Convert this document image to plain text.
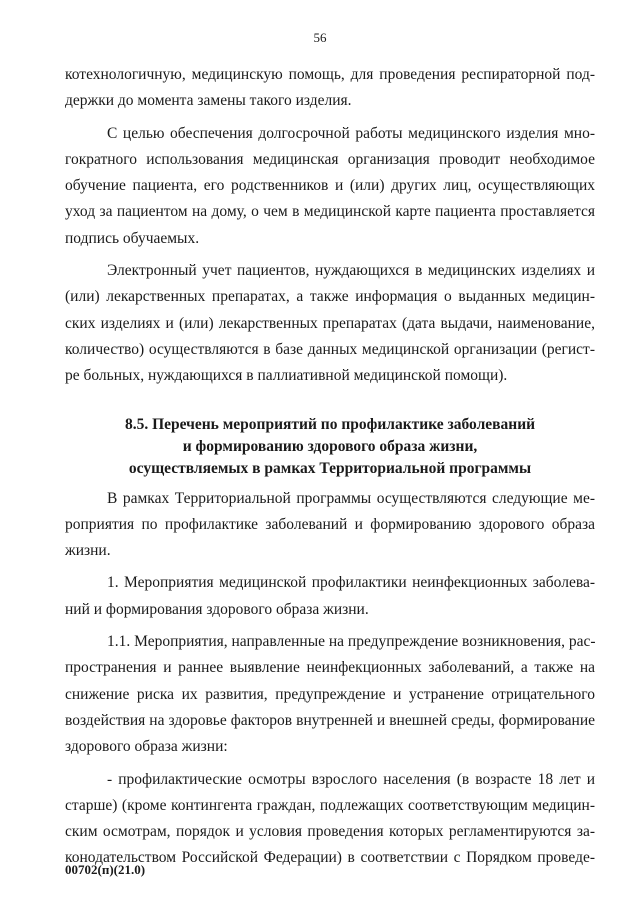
56
котехнологичную, медицинскую помощь, для проведения респираторной под-
держки до момента замены такого изделия.
С целью обеспечения долгосрочной работы медицинского изделия мно-
гократного использования медицинская организация проводит необходимое
обучение пациента, его родственников и (или) других лиц, осуществляющих
уход за пациентом на дому, о чем в медицинской карте пациента проставляется
подпись обучаемых.
Электронный учет пациентов, нуждающихся в медицинских изделиях и
(или) лекарственных препаратах, а также информация о выданных медицин-
ских изделиях и (или) лекарственных препаратах (дата выдачи, наименование,
количество) осуществляются в базе данных медицинской организации (регист-
ре больных, нуждающихся в паллиативной медицинской помощи).
8.5. Перечень мероприятий по профилактике заболеваний
и формированию здорового образа жизни,
осуществляемых в рамках Территориальной программы
В рамках Территориальной программы осуществляются следующие ме-
роприятия по профилактике заболеваний и формированию здорового образа
жизни.
1. Мероприятия медицинской профилактики неинфекционных заболева-
ний и формирования здорового образа жизни.
1.1. Мероприятия, направленные на предупреждение возникновения, рас-
пространения и раннее выявление неинфекционных заболеваний, а также на
снижение риска их развития, предупреждение и устранение отрицательного
воздействия на здоровье факторов внутренней и внешней среды, формирование
здорового образа жизни:
- профилактические осмотры взрослого населения (в возрасте 18 лет и
старше) (кроме контингента граждан, подлежащих соответствующим медицин-
ским осмотрам, порядок и условия проведения которых регламентируются за-
конодательством Российской Федерации) в соответствии с Порядком проведе-
00702(п)(21.0)
